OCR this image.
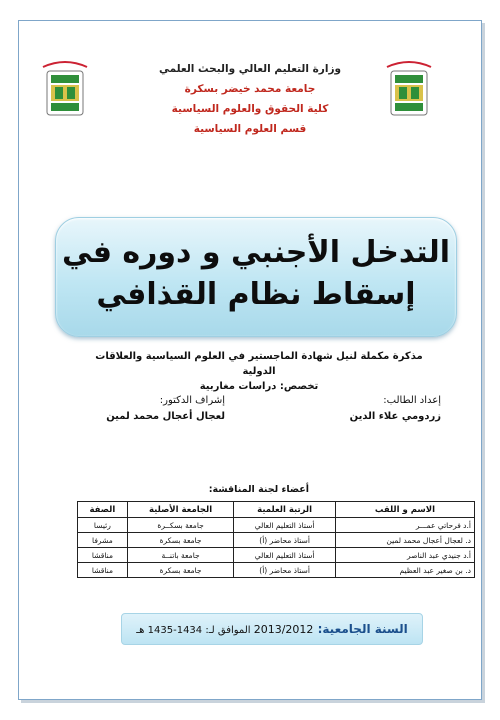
وزارة التعليم العالي والبحث العلمي
جامعة محمد خيضر بسكرة
كلية الحقوق والعلوم السياسية
قسم العلوم السياسية
التدخل الأجنبي و دوره في
إسقاط نظام القذافي
مذكرة مكملة لنيل شهادة الماجستير في العلوم السياسية والعلاقات الدولية
تخصص: دراسات مغاربية
إعداد الطالب:
زردومي علاء الدين
إشراف الدكتور:
لعجال أعجال محمد لمين
أعضاء لجنة المناقشة:
الاسم و اللقب	الرتبة العلمية	الجامعة الأصلية	الصفة
أ.د فرحاتي عمـــر	أستاذ التعليم العالي	جامعة بسكــرة	رئيسا
د. لعجال أعجال محمد لمين	أستاذ محاضر (أ)	جامعة بسكرة	مشرفا
أ.د جنيدي عبد الناصر	أستاذ التعليم العالي	جامعة باتنــة	مناقشا
د. بن صغير عبد العظيم	أستاذ محاضر (أ)	جامعة بسكرة	مناقشا
السنة الجامعية: 2013/2012 الموافق لـ: 1434-1435 هـ
